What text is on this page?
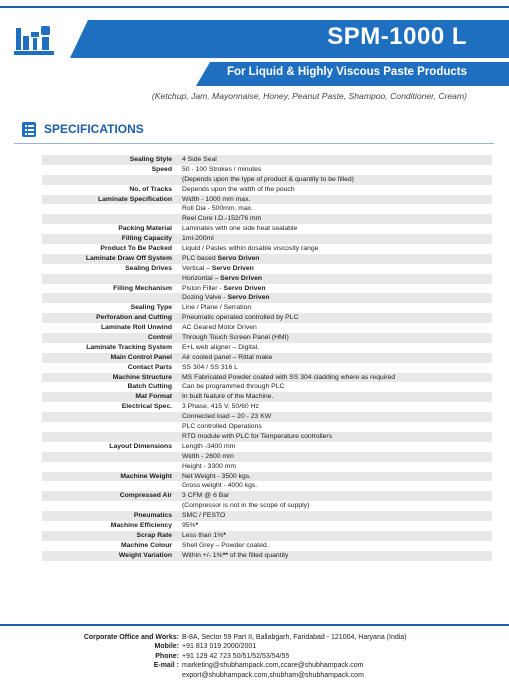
SPM-1000 L
For Liquid & Highly Viscous Paste Products
(Ketchup, Jam, Mayonnaise, Honey, Peanut Paste, Shampoo, Conditioner, Cream)
SPECIFICATIONS
Sealing Style	4 Side Seal
Speed	50 - 100 Strokes / minutes
(Depends upon the type of product & quantity to be filled)
No. of Tracks	Depends upon the width of the pouch
Laminate Specification	Width - 1000 mm max.
Roll Dia - 500mm. max.
Reel Core I.D.-152/76 mm
Packing Material	Laminates with one side heat sealable
Filling Capacity	1ml-200ml
Product To Be Packed	Liquid / Pastes within dosable viscosity range
Laminate Draw Off System	PLC based Servo Driven
Sealing Drives	Vertical – Servo Driven
Horizontal – Servo Driven
Filling Mechanism	Piston Filler - Servo Driven
Dozing Valve - Servo Driven
Sealing Type	Line / Plane / Serration
Perforation and Cutting	Pneumatic operated controlled by PLC
Laminate Roll Unwind	AC Geared Motor Driven
Control	Through Touch Screen Panel (HMI)
Laminate Tracking System	E+L web aligner – Digital.
Main Control Panel	Air cooled panel – Rittal make
Contact Parts	SS 304 / SS 316 L
Machine Structure	MS Fabricated Powder coated with SS 304 cladding where as required
Batch Cutting	Can be programmed through PLC
Mat Format	In built feature of the Machine.
Electrical Spec.	3 Phase, 415 V, 50/60 Hz
Connected load – 20 - 23 KW
PLC controlled Operations
RTD module with PLC for Temperature controllers
Layout Dimensions	Length -3400 mm
Width - 2600 mm
Height - 3300 mm
Machine Weight	Net Weight - 3500 kgs.
Gross weight - 4000 kgs.
Compressed Air	3 CFM @ 6 Bar
(Compressor is not in the scope of supply)
Pneumatics	SMC / FESTO
Machine Efficiency	95%*
Scrap Rate	Less than 1%*
Machine Colour	Shell Grey – Powder coated.
Weight Variation	Within +/- 1%** of the filled quantity
Corporate Office and Works: B-8A, Sector 59 Part II, Ballabgarh, Faridabad - 121004, Haryana (India)
Mobile: +91 813 019 2000/2001
Phone: +91 129 42 723 50/51/52/53/54/55
E-mail : marketing@shubhampack.com,ccare@shubhampack.com
export@shubhampack.com,shubham@shubhampack.com
